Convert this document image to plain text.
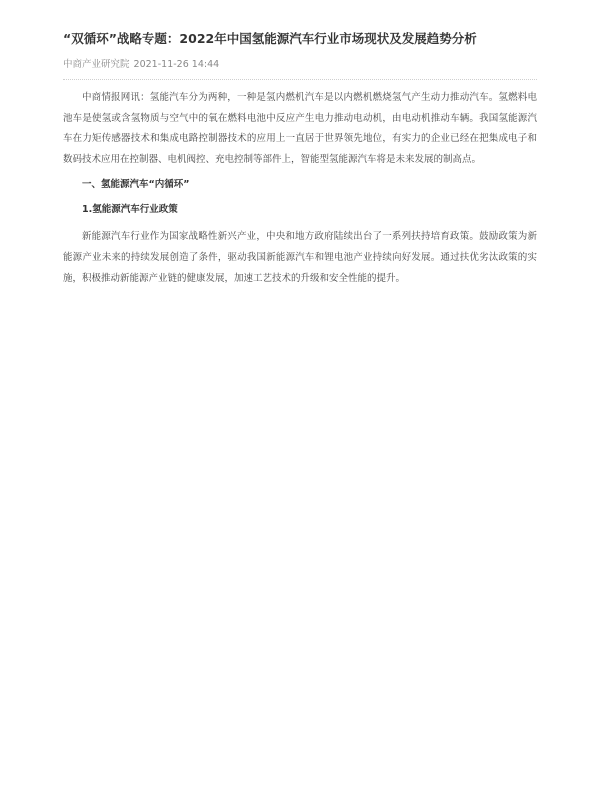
“双循环”战略专题：2022年中国氢能源汽车行业市场现状及发展趋势分析
中商产业研究院 2021-11-26 14:44

中商情报网讯：氢能汽车分为两种，一种是氢内燃机汽车是以内燃机燃烧氢气产生动力推动汽车。氢燃料电池车是使氢或含氢物质与空气中的氧在燃料电池中反应产生电力推动电动机，由电动机推动车辆。我国氢能源汽车在力矩传感器技术和集成电路控制器技术的应用上一直居于世界领先地位，有实力的企业已经在把集成电子和数码技术应用在控制器、电机阀控、充电控制等部件上，智能型氢能源汽车将是未来发展的制高点。

一、氢能源汽车“内循环”
1.氢能源汽车行业政策

新能源汽车行业作为国家战略性新兴产业，中央和地方政府陆续出台了一系列扶持培育政策。鼓励政策为新能源产业未来的持续发展创造了条件，驱动我国新能源汽车和锂电池产业持续向好发展。通过扶优劣汰政策的实施，积极推动新能源产业链的健康发展，加速工艺技术的升级和安全性能的提升。
